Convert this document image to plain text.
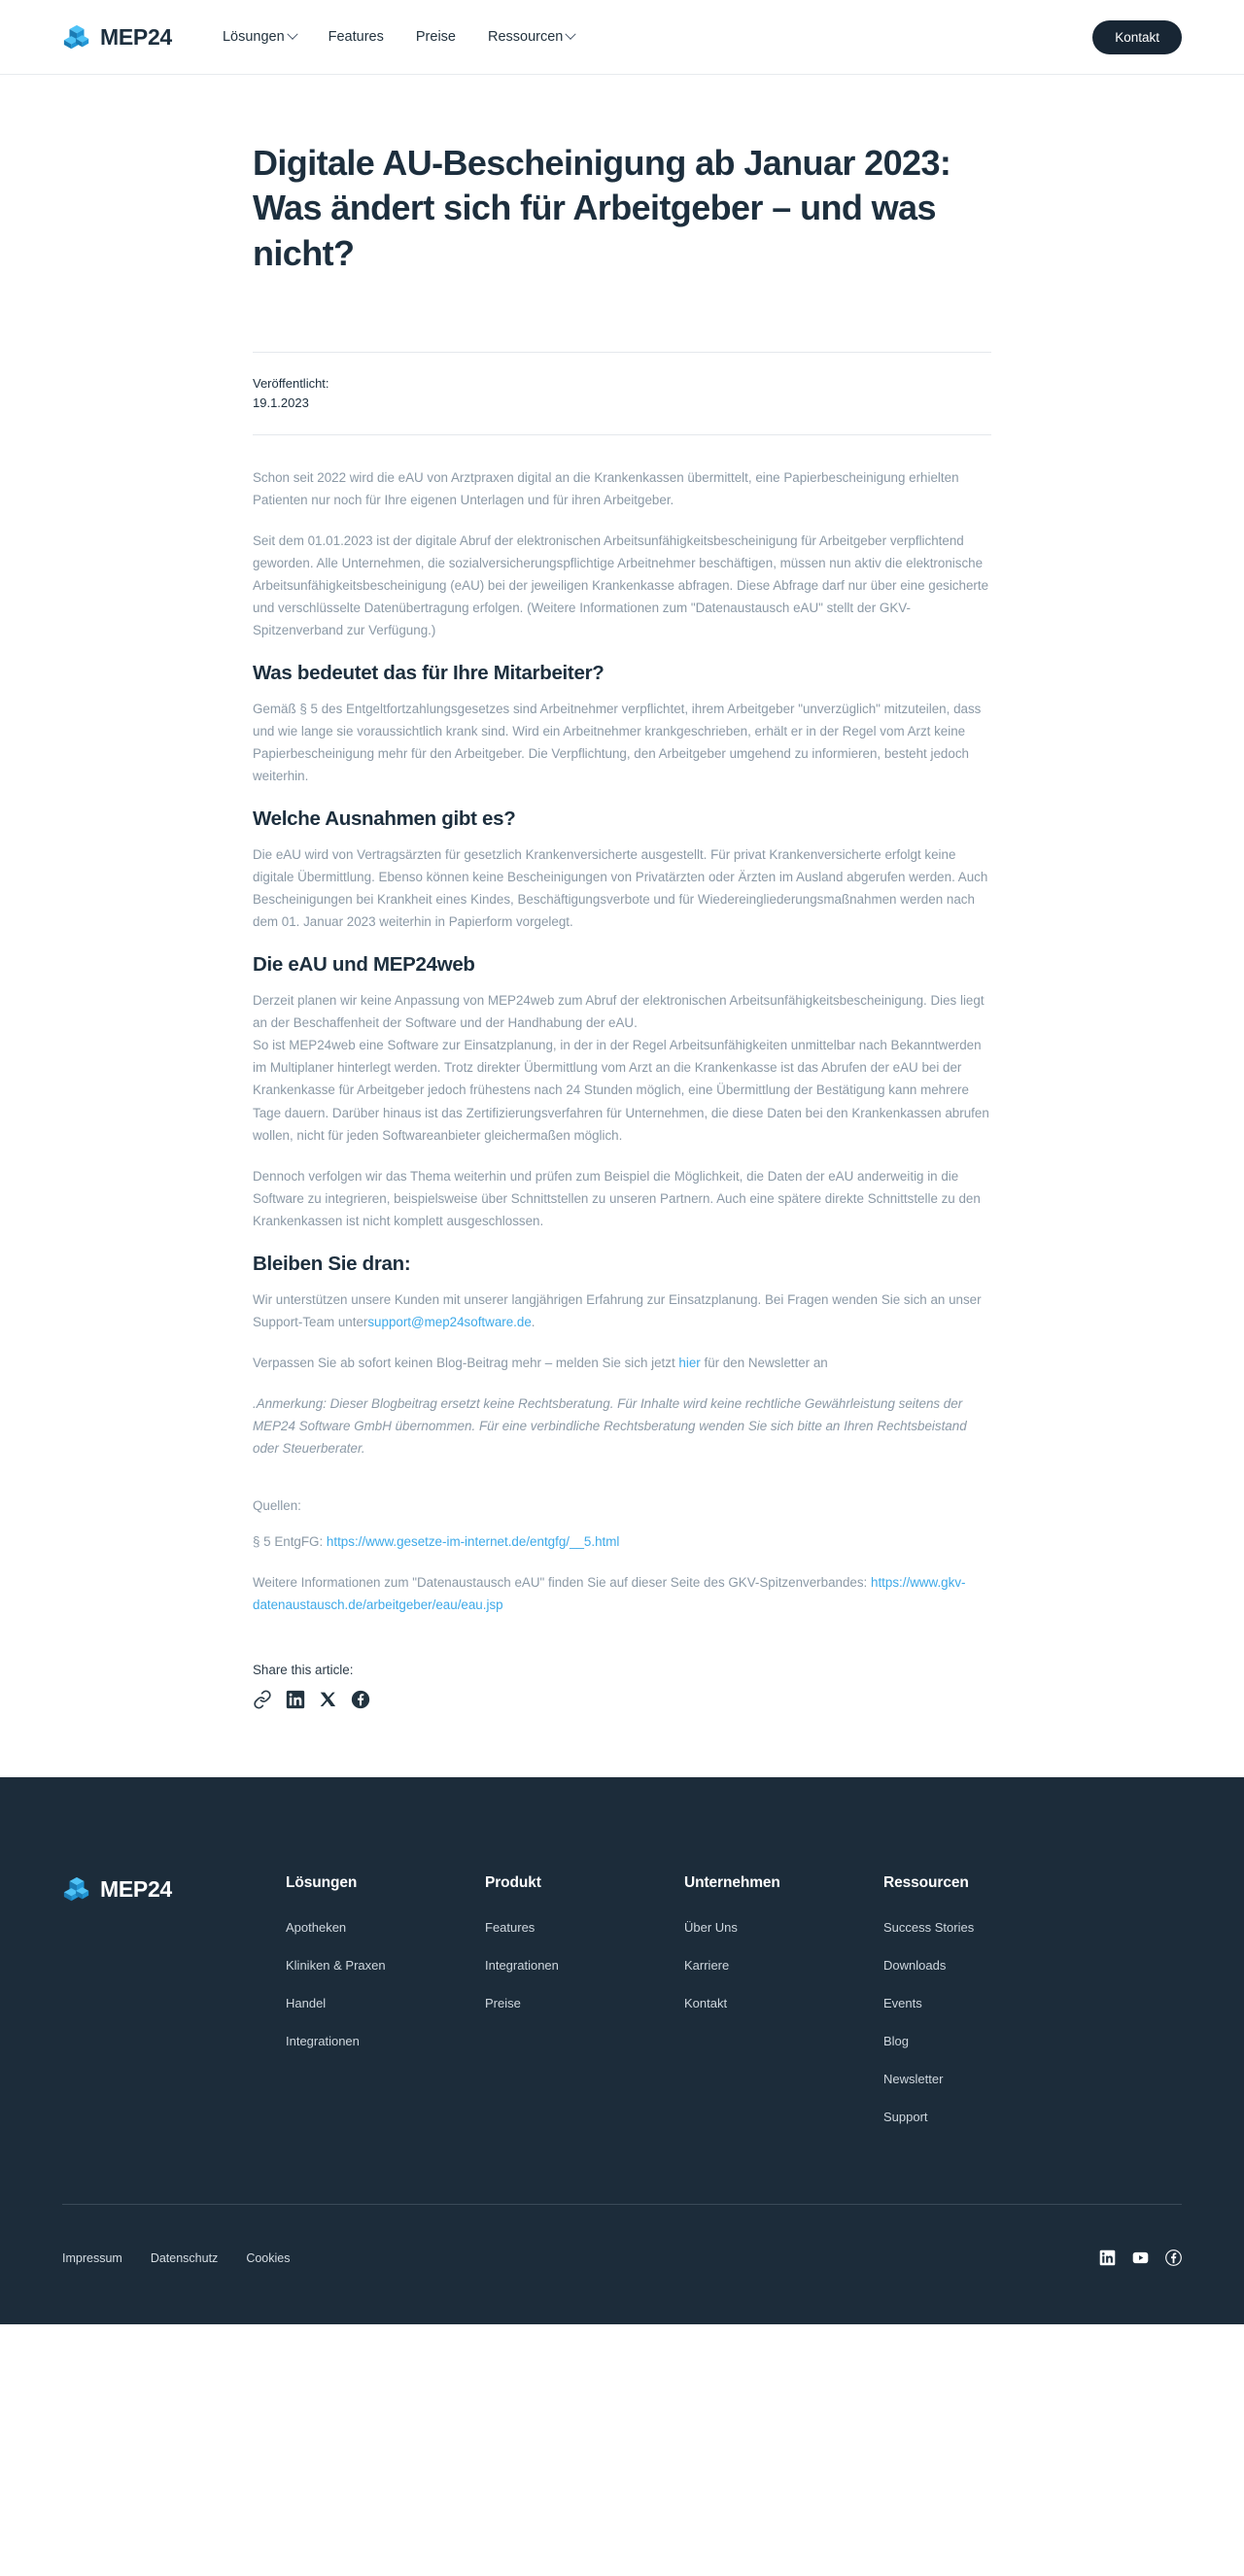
MEP24	Lösungen	Features Preise Ressourcen	Kontakt
Digitale AU-Bescheinigung ab Januar 2023: Was ändert sich für Arbeitgeber – und was nicht?
Veröffentlicht:
19.1.2023

Schon seit 2022 wird die eAU von Arztpraxen digital an die Krankenkassen übermittelt, eine Papierbescheinigung erhielten Patienten nur noch für Ihre eigenen Unterlagen und für ihren Arbeitgeber.

Seit dem 01.01.2023 ist der digitale Abruf der elektronischen Arbeitsunfähigkeitsbescheinigung für Arbeitgeber verpflichtend geworden. Alle Unternehmen, die sozialversicherungspflichtige Arbeitnehmer beschäftigen, müssen nun aktiv die elektronische Arbeitsunfähigkeitsbescheinigung (eAU) bei der jeweiligen Krankenkasse abfragen. Diese Abfrage darf nur über eine gesicherte und verschlüsselte Datenübertragung erfolgen. (Weitere Informationen zum "Datenaustausch eAU" stellt der GKV-Spitzenverband zur Verfügung.)

Was bedeutet das für Ihre Mitarbeiter?

Gemäß § 5 des Entgeltfortzahlungsgesetzes sind Arbeitnehmer verpflichtet, ihrem Arbeitgeber "unverzüglich" mitzuteilen, dass und wie lange sie voraussichtlich krank sind. Wird ein Arbeitnehmer krankgeschrieben, erhält er in der Regel vom Arzt keine Papierbescheinigung mehr für den Arbeitgeber. Die Verpflichtung, den Arbeitgeber umgehend zu informieren, besteht jedoch weiterhin.

Welche Ausnahmen gibt es?

Die eAU wird von Vertragsärzten für gesetzlich Krankenversicherte ausgestellt. Für privat Krankenversicherte erfolgt keine digitale Übermittlung. Ebenso können keine Bescheinigungen von Privatärzten oder Ärzten im Ausland abgerufen werden. Auch Bescheinigungen bei Krankheit eines Kindes, Beschäftigungsverbote und für Wiedereingliederungsmaßnahmen werden nach dem 01. Januar 2023 weiterhin in Papierform vorgelegt.

Die eAU und MEP24web

Derzeit planen wir keine Anpassung von MEP24web zum Abruf der elektronischen Arbeitsunfähigkeitsbescheinigung. Dies liegt an der Beschaffenheit der Software und der Handhabung der eAU.

So ist MEP24web eine Software zur Einsatzplanung, in der in der Regel Arbeitsunfähigkeiten unmittelbar nach Bekanntwerden im Multiplaner hinterlegt werden. Trotz direkter Übermittlung vom Arzt an die Krankenkasse ist das Abrufen der eAU bei der Krankenkasse für Arbeitgeber jedoch frühestens nach 24 Stunden möglich, eine Übermittlung der Bestätigung kann mehrere Tage dauern. Darüber hinaus ist das Zertifizierungsverfahren für Unternehmen, die diese Daten bei den Krankenkassen abrufen wollen, nicht für jeden Softwareanbieter gleichermaßen möglich.

Dennoch verfolgen wir das Thema weiterhin und prüfen zum Beispiel die Möglichkeit, die Daten der eAU anderweitig in die Software zu integrieren, beispielsweise über Schnittstellen zu unseren Partnern. Auch eine spätere direkte Schnittstelle zu den Krankenkassen ist nicht komplett ausgeschlossen.

Bleiben Sie dran:

Wir unterstützen unsere Kunden mit unserer langjährigen Erfahrung zur Einsatzplanung. Bei Fragen wenden Sie sich an unser Support-Team untersupport@mep24software.de.

Verpassen Sie ab sofort keinen Blog-Beitrag mehr – melden Sie sich jetzt hier für den Newsletter an

.Anmerkung: Dieser Blogbeitrag ersetzt keine Rechtsberatung. Für Inhalte wird keine rechtliche Gewährleistung seitens der MEP24 Software GmbH übernommen. Für eine verbindliche Rechtsberatung wenden Sie sich bitte an Ihren Rechtsbeistand oder Steuerberater.

Quellen:

§ 5 EntgFG: https://www.gesetze-im-internet.de/entgfg/__5.html

Weitere Informationen zum "Datenaustausch eAU" finden Sie auf dieser Seite des GKV-Spitzenverbandes: https://www.gkv-datenaustausch.de/arbeitgeber/eau/eau.jsp

Share this article:
MEP24	Lösungen
Apotheken
Kliniken & Praxen
Handel
Integrationen
Produkt
Features
Integrationen
Preise
Unternehmen
Über Uns
Karriere
Kontakt
Ressourcen
Success Stories
Downloads
Events
Blog
Newsletter
Support
Impressum Datenschutz Cookies
